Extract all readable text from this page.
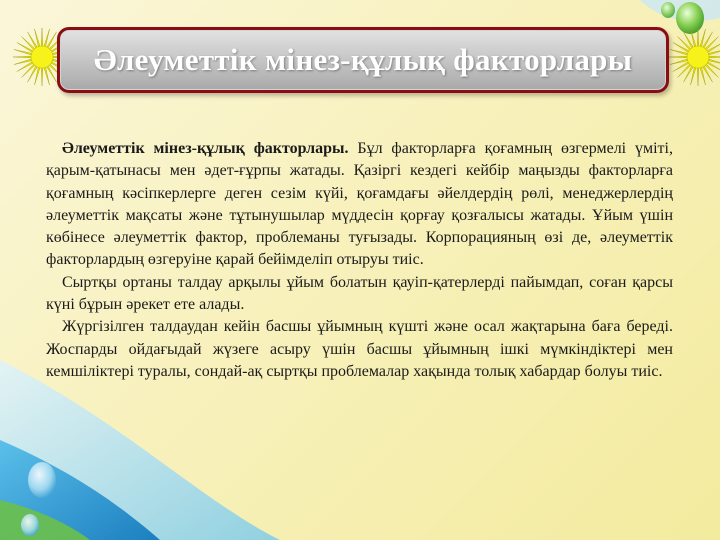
Әлеуметтік мінез-құлық факторлары

Әлеуметтік мінез-құлық факторлары. Бұл факторларға қоғамның өзгермелі үміті, қарым-қатынасы мен әдет-ғұрпы жатады. Қазіргі кездегі кейбір маңызды факторларға қоғамның кәсіпкерлерге деген сезім күйі, қоғамдағы әйелдердің рөлі, менеджерлердің әлеуметтік мақсаты және тұтынушылар мүддесін қорғау қозғалысы жатады. Ұйым үшін көбінесе әлеуметтік фактор, проблеманы туғызады. Корпорацияның өзі де, әлеуметтік факторлардың өзгеруіне қарай бейімделіп отыруы тиіс.

Сыртқы ортаны талдау арқылы ұйым болатын қауіп-қатерлерді пайымдап, соған қарсы күні бұрын әрекет ете алады.

Жүргізілген талдаудан кейін басшы ұйымның күшті және осал жақтарына баға береді. Жоспарды ойдағыдай жүзеге асыру үшін басшы ұйымның ішкі мүмкіндіктері мен кемшіліктері туралы, сондай-ақ сыртқы проблемалар хақында толық хабардар болуы тиіс.
